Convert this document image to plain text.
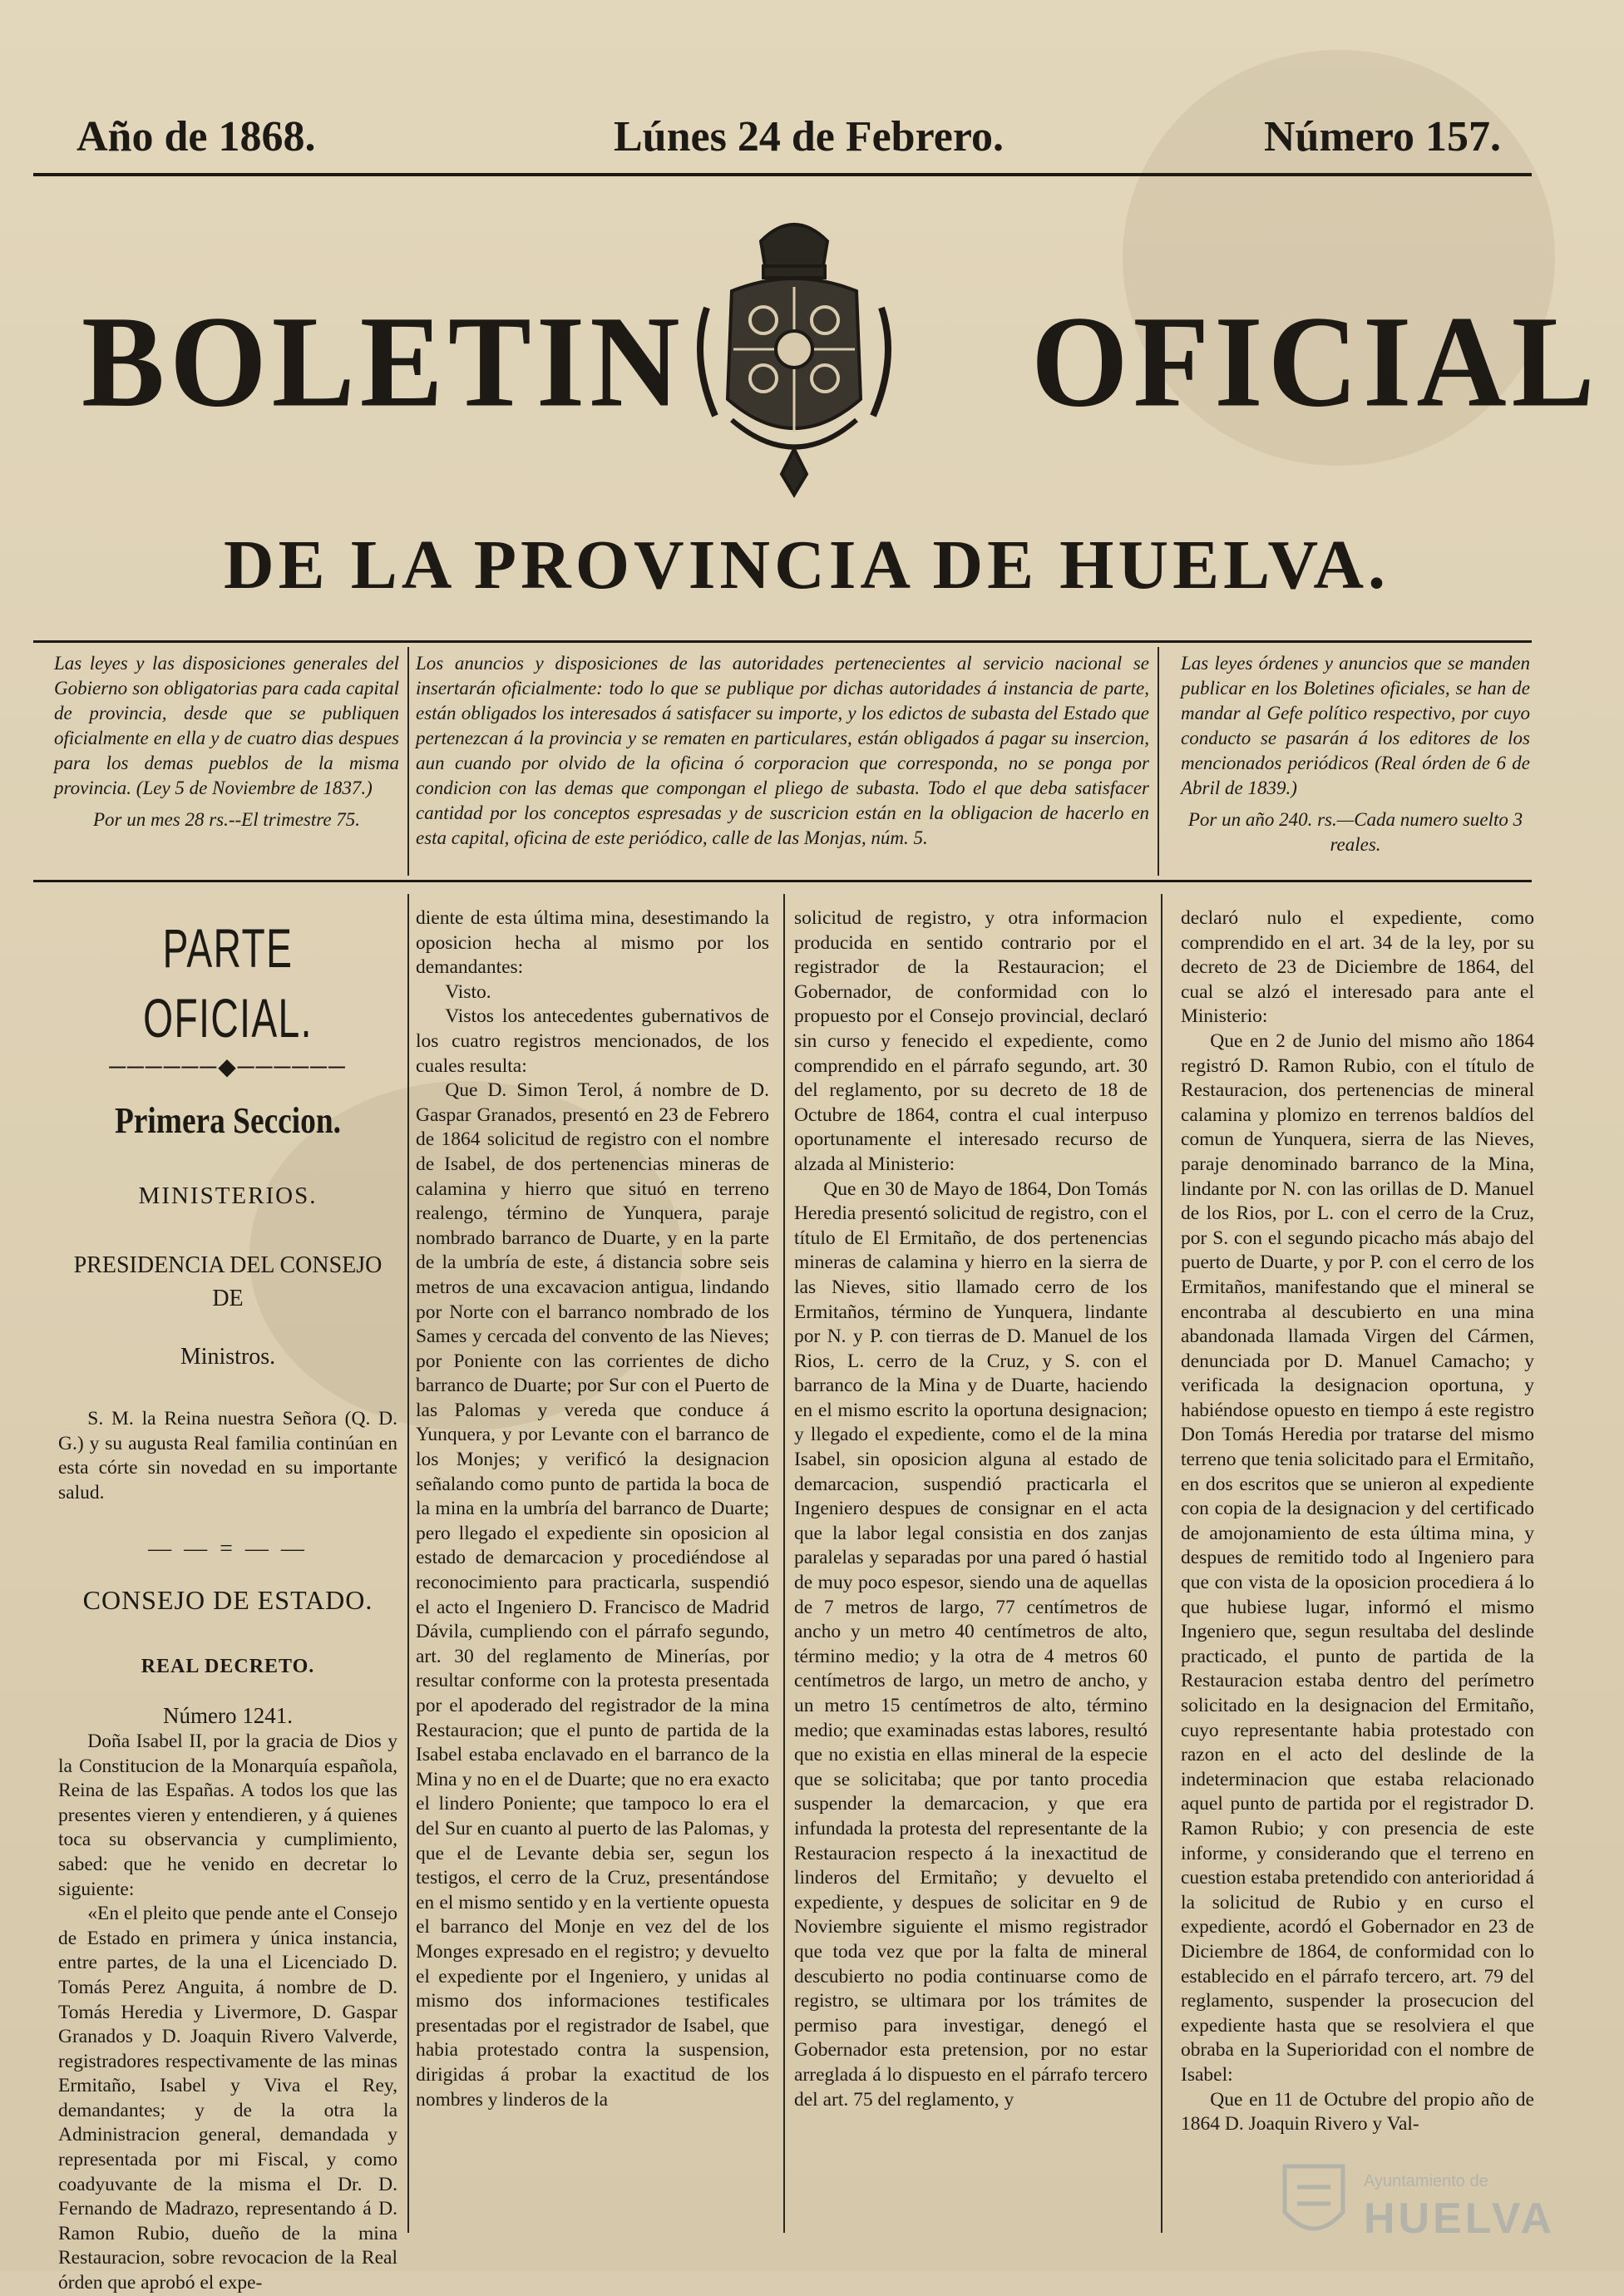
Año de 1868.	Lúnes 24 de Febrero.	Número 157.
BOLETIN	OFICIAL
DE LA PROVINCIA DE HUELVA.

Las leyes y las disposiciones generales del Gobierno son obligatorias para cada capital de provincia, desde que se publiquen oficialmente en ella y de cuatro dias despues para los demas pueblos de la misma provincia. (Ley 5 de Noviembre de 1837.)

Por un mes 28 rs.--El trimestre 75.

Los anuncios y disposiciones de las autoridades pertenecientes al servicio nacional se insertarán oficialmente: todo lo que se publique por dichas autoridades á instancia de parte, están obligados los interesados á satisfacer su importe, y los edictos de subasta del Estado que pertenezcan á la provincia y se rematen en particulares, están obligados á pagar su insercion, aun cuando por olvido de la oficina ó corporacion que corresponda, no se ponga por condicion con las demas que compongan el pliego de subasta. Todo el que deba satisfacer cantidad por los conceptos espresadas y de suscricion están en la obligacion de hacerlo en esta capital, oficina de este periódico, calle de las Monjas, núm. 5.

Las leyes órdenes y anuncios que se manden publicar en los Boletines oficiales, se han de mandar al Gefe político respectivo, por cuyo conducto se pasarán á los editores de los mencionados periódicos (Real órden de 6 de Abril de 1839.)

Por un año 240. rs.—Cada numero suelto 3 reales.

PARTE OFICIAL.
──────◆──────
Primera Seccion.
MINISTERIOS.
PRESIDENCIA DEL CONSEJO DE
Ministros.

S. M. la Reina nuestra Señora (Q. D. G.) y su augusta Real familia continúan en esta córte sin novedad en su importante salud.

— — = — —
CONSEJO DE ESTADO.
REAL DECRETO.
Número 1241.

Doña Isabel II, por la gracia de Dios y la Constitucion de la Monarquía española, Reina de las Españas. A todos los que las presentes vieren y entendieren, y á quienes toca su observancia y cumplimiento, sabed: que he venido en decretar lo siguiente:

«En el pleito que pende ante el Consejo de Estado en primera y única instancia, entre partes, de la una el Licenciado D. Tomás Perez Anguita, á nombre de D. Tomás Heredia y Livermore, D. Gaspar Granados y D. Joaquin Rivero Valverde, registradores respectivamente de las minas Ermitaño, Isabel y Viva el Rey, demandantes; y de la otra la Administracion general, demandada y representada por mi Fiscal, y como coadyuvante de la misma el Dr. D. Fernando de Madrazo, representando á D. Ramon Rubio, dueño de la mina Restauracion, sobre revocacion de la Real órden que aprobó el expe-

diente de esta última mina, desestimando la oposicion hecha al mismo por los demandantes:

Visto.

Vistos los antecedentes gubernativos de los cuatro registros mencionados, de los cuales resulta:

Que D. Simon Terol, á nombre de D. Gaspar Granados, presentó en 23 de Febrero de 1864 solicitud de registro con el nombre de Isabel, de dos pertenencias mineras de calamina y hierro que situó en terreno realengo, término de Yunquera, paraje nombrado barranco de Duarte, y en la parte de la umbría de este, á distancia sobre seis metros de una excavacion antigua, lindando por Norte con el barranco nombrado de los Sames y cercada del convento de las Nieves; por Poniente con las corrientes de dicho barranco de Duarte; por Sur con el Puerto de las Palomas y vereda que conduce á Yunquera, y por Levante con el barranco de los Monjes; y verificó la designacion señalando como punto de partida la boca de la mina en la umbría del barranco de Duarte; pero llegado el expediente sin oposicion al estado de demarcacion y procediéndose al reconocimiento para practicarla, suspendió el acto el Ingeniero D. Francisco de Madrid Dávila, cumpliendo con el párrafo segundo, art. 30 del reglamento de Minerías, por resultar conforme con la protesta presentada por el apoderado del registrador de la mina Restauracion; que el punto de partida de la Isabel estaba enclavado en el barranco de la Mina y no en el de Duarte; que no era exacto el lindero Poniente; que tampoco lo era el del Sur en cuanto al puerto de las Palomas, y que el de Levante debia ser, segun los testigos, el cerro de la Cruz, presentándose en el mismo sentido y en la vertiente opuesta el barranco del Monje en vez del de los Monges expresado en el registro; y devuelto el expediente por el Ingeniero, y unidas al mismo dos informaciones testificales presentadas por el registrador de Isabel, que habia protestado contra la suspension, dirigidas á probar la exactitud de los nombres y linderos de la

solicitud de registro, y otra informacion producida en sentido contrario por el registrador de la Restauracion; el Gobernador, de conformidad con lo propuesto por el Consejo provincial, declaró sin curso y fenecido el expediente, como comprendido en el párrafo segundo, art. 30 del reglamento, por su decreto de 18 de Octubre de 1864, contra el cual interpuso oportunamente el interesado recurso de alzada al Ministerio:

Que en 30 de Mayo de 1864, Don Tomás Heredia presentó solicitud de registro, con el título de El Ermitaño, de dos pertenencias mineras de calamina y hierro en la sierra de las Nieves, sitio llamado cerro de los Ermitaños, término de Yunquera, lindante por N. y P. con tierras de D. Manuel de los Rios, L. cerro de la Cruz, y S. con el barranco de la Mina y de Duarte, haciendo en el mismo escrito la oportuna designacion; y llegado el expediente, como el de la mina Isabel, sin oposicion alguna al estado de demarcacion, suspendió practicarla el Ingeniero despues de consignar en el acta que la labor legal consistia en dos zanjas paralelas y separadas por una pared ó hastial de muy poco espesor, siendo una de aquellas de 7 metros de largo, 77 centímetros de ancho y un metro 40 centímetros de alto, término medio; y la otra de 4 metros 60 centímetros de largo, un metro de ancho, y un metro 15 centímetros de alto, término medio; que examinadas estas labores, resultó que no existia en ellas mineral de la especie que se solicitaba; que por tanto procedia suspender la demarcacion, y que era infundada la protesta del representante de la Restauracion respecto á la inexactitud de linderos del Ermitaño; y devuelto el expediente, y despues de solicitar en 9 de Noviembre siguiente el mismo registrador que toda vez que por la falta de mineral descubierto no podia continuarse como de registro, se ultimara por los trámites de permiso para investigar, denegó el Gobernador esta pretension, por no estar arreglada á lo dispuesto en el párrafo tercero del art. 75 del reglamento, y

declaró nulo el expediente, como comprendido en el art. 34 de la ley, por su decreto de 23 de Diciembre de 1864, del cual se alzó el interesado para ante el Ministerio:

Que en 2 de Junio del mismo año 1864 registró D. Ramon Rubio, con el título de Restauracion, dos pertenencias de mineral calamina y plomizo en terrenos baldíos del comun de Yunquera, sierra de las Nieves, paraje denominado barranco de la Mina, lindante por N. con las orillas de D. Manuel de los Rios, por L. con el cerro de la Cruz, por S. con el segundo picacho más abajo del puerto de Duarte, y por P. con el cerro de los Ermitaños, manifestando que el mineral se encontraba al descubierto en una mina abandonada llamada Virgen del Cármen, denunciada por D. Manuel Camacho; y verificada la designacion oportuna, y habiéndose opuesto en tiempo á este registro Don Tomás Heredia por tratarse del mismo terreno que tenia solicitado para el Ermitaño, en dos escritos que se unieron al expediente con copia de la designacion y del certificado de amojonamiento de esta última mina, y despues de remitido todo al Ingeniero para que con vista de la oposicion procediera á lo que hubiese lugar, informó el mismo Ingeniero que, segun resultaba del deslinde practicado, el punto de partida de la Restauracion estaba dentro del perímetro solicitado en la designacion del Ermitaño, cuyo representante habia protestado con razon en el acto del deslinde de la indeterminacion que estaba relacionado aquel punto de partida por el registrador D. Ramon Rubio; y con presencia de este informe, y considerando que el terreno en cuestion estaba pretendido con anterioridad á la solicitud de Rubio y en curso el expediente, acordó el Gobernador en 23 de Diciembre de 1864, de conformidad con lo establecido en el párrafo tercero, art. 79 del reglamento, suspender la prosecucion del expediente hasta que se resolviera el que obraba en la Superioridad con el nombre de Isabel:

Que en 11 de Octubre del propio año de 1864 D. Joaquin Rivero y Val-

Ayuntamiento de
HUELVA
